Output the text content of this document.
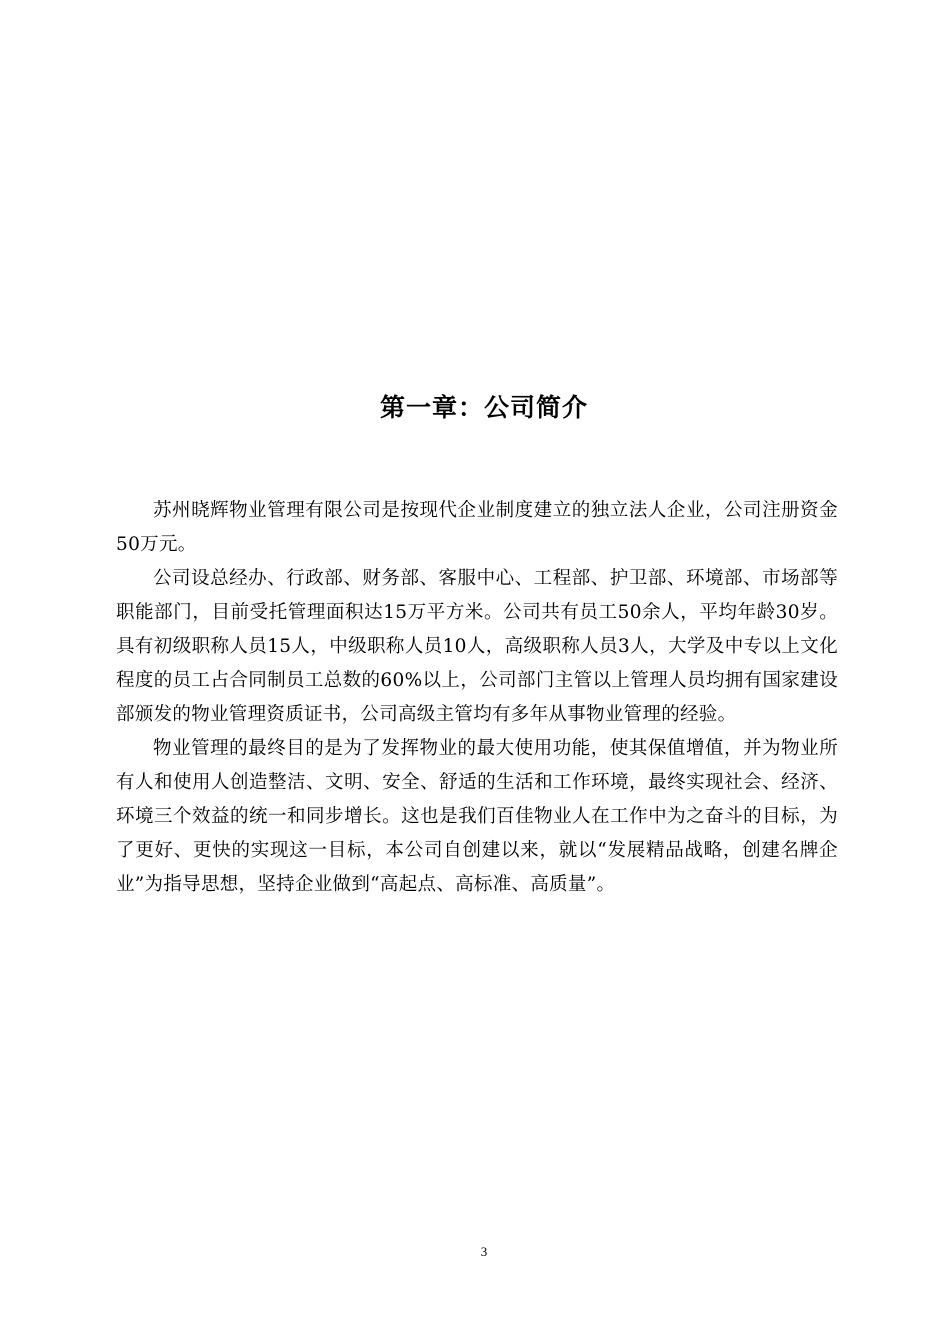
第一章：公司简介

苏州晓辉物业管理有限公司是按现代企业制度建立的独立法人企业，公司注册资金50万元。

公司设总经办、行政部、财务部、客服中心、工程部、护卫部、环境部、市场部等职能部门，目前受托管理面积达15万平方米。公司共有员工50余人，平均年龄30岁。具有初级职称人员15人，中级职称人员10人，高级职称人员3人，大学及中专以上文化程度的员工占合同制员工总数的60%以上，公司部门主管以上管理人员均拥有国家建设部颁发的物业管理资质证书，公司高级主管均有多年从事物业管理的经验。

物业管理的最终目的是为了发挥物业的最大使用功能，使其保值增值，并为物业所有人和使用人创造整洁、文明、安全、舒适的生活和工作环境，最终实现社会、经济、环境三个效益的统一和同步增长。这也是我们百佳物业人在工作中为之奋斗的目标，为了更好、更快的实现这一目标，本公司自创建以来，就以“发展精品战略，创建名牌企业”为指导思想，坚持企业做到“高起点、高标准、高质量”。

3
